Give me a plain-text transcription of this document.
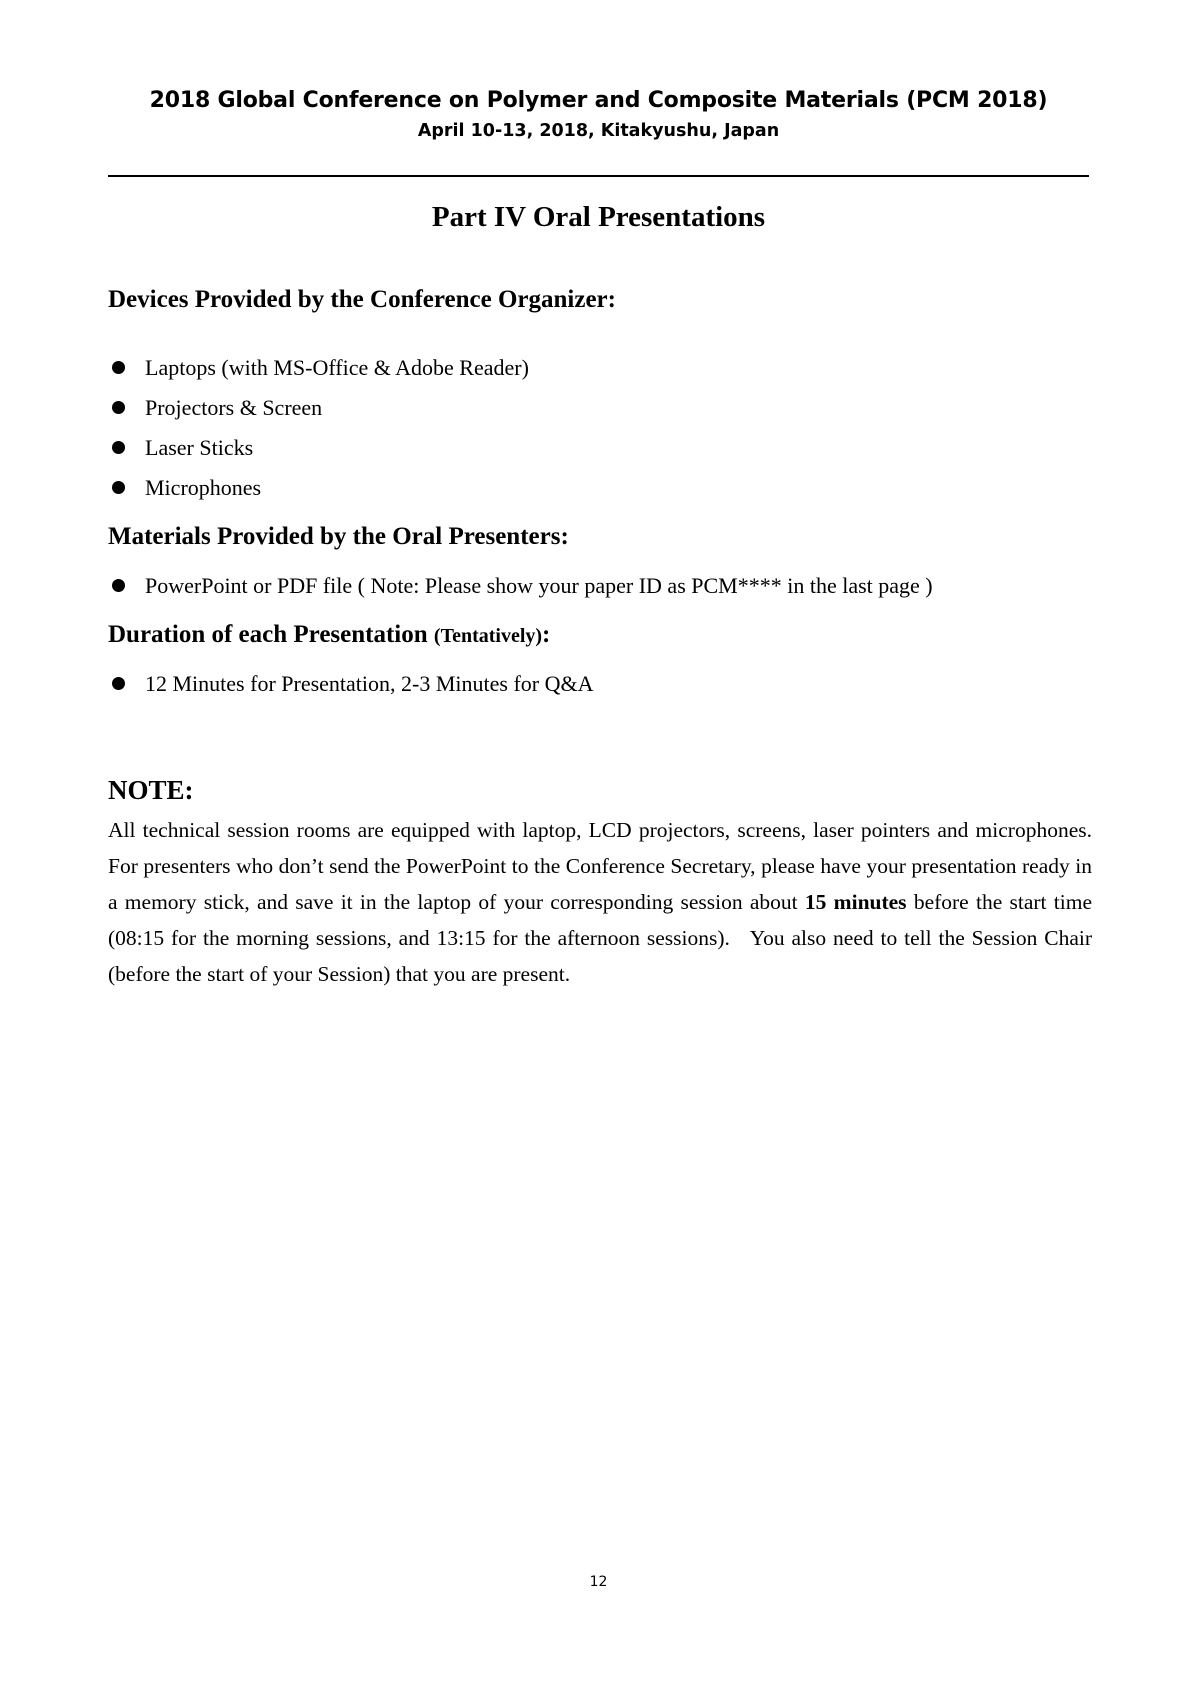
2018 Global Conference on Polymer and Composite Materials (PCM 2018)
April 10-13, 2018, Kitakyushu, Japan
Part IV Oral Presentations
Devices Provided by the Conference Organizer:
Laptops (with MS-Office & Adobe Reader)
Projectors & Screen
Laser Sticks
Microphones
Materials Provided by the Oral Presenters:
PowerPoint or PDF file ( Note: Please show your paper ID as PCM**** in the last page )
Duration of each Presentation (Tentatively):
12 Minutes for Presentation, 2-3 Minutes for Q&A
NOTE:

All technical session rooms are equipped with laptop, LCD projectors, screens, laser pointers and microphones. For presenters who don’t send the PowerPoint to the Conference Secretary, please have your presentation ready in a memory stick, and save it in the laptop of your corresponding session about 15 minutes before the start time (08:15 for the morning sessions, and 13:15 for the afternoon sessions).   You also need to tell the Session Chair (before the start of your Session) that you are present.

12
